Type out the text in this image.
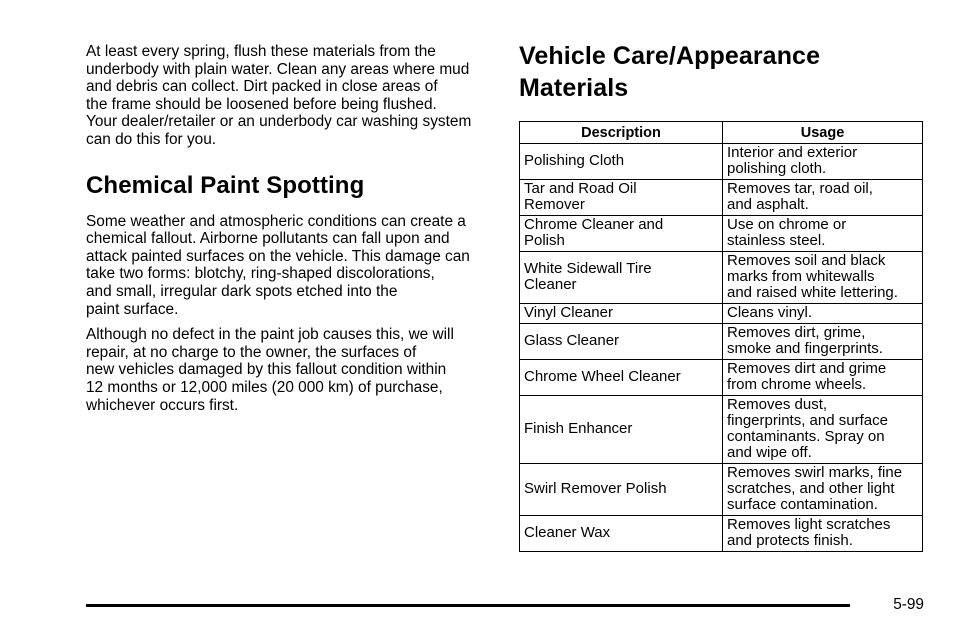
At least every spring, flush these materials from the
underbody with plain water. Clean any areas where mud
and debris can collect. Dirt packed in close areas of
the frame should be loosened before being flushed.
Your dealer/retailer or an underbody car washing system
can do this for you.

Chemical Paint Spotting

Some weather and atmospheric conditions can create a
chemical fallout. Airborne pollutants can fall upon and
attack painted surfaces on the vehicle. This damage can
take two forms: blotchy, ring-shaped discolorations,
and small, irregular dark spots etched into the
paint surface.

Although no defect in the paint job causes this, we will
repair, at no charge to the owner, the surfaces of
new vehicles damaged by this fallout condition within
12 months or 12,000 miles (20 000 km) of purchase,
whichever occurs first.

Vehicle Care/Appearance Materials
Description	Usage
Polishing Cloth	Interior and exterior
polishing cloth.
Tar and Road Oil
Remover	Removes tar, road oil,
and asphalt.
Chrome Cleaner and
Polish	Use on chrome or
stainless steel.
White Sidewall Tire
Cleaner	Removes soil and black
marks from whitewalls
and raised white lettering.
Vinyl Cleaner	Cleans vinyl.
Glass Cleaner	Removes dirt, grime,
smoke and fingerprints.
Chrome Wheel Cleaner	Removes dirt and grime
from chrome wheels.
Finish Enhancer	Removes dust,
fingerprints, and surface
contaminants. Spray on
and wipe off.
Swirl Remover Polish	Removes swirl marks, fine
scratches, and other light
surface contamination.
Cleaner Wax	Removes light scratches
and protects finish.
5-99
